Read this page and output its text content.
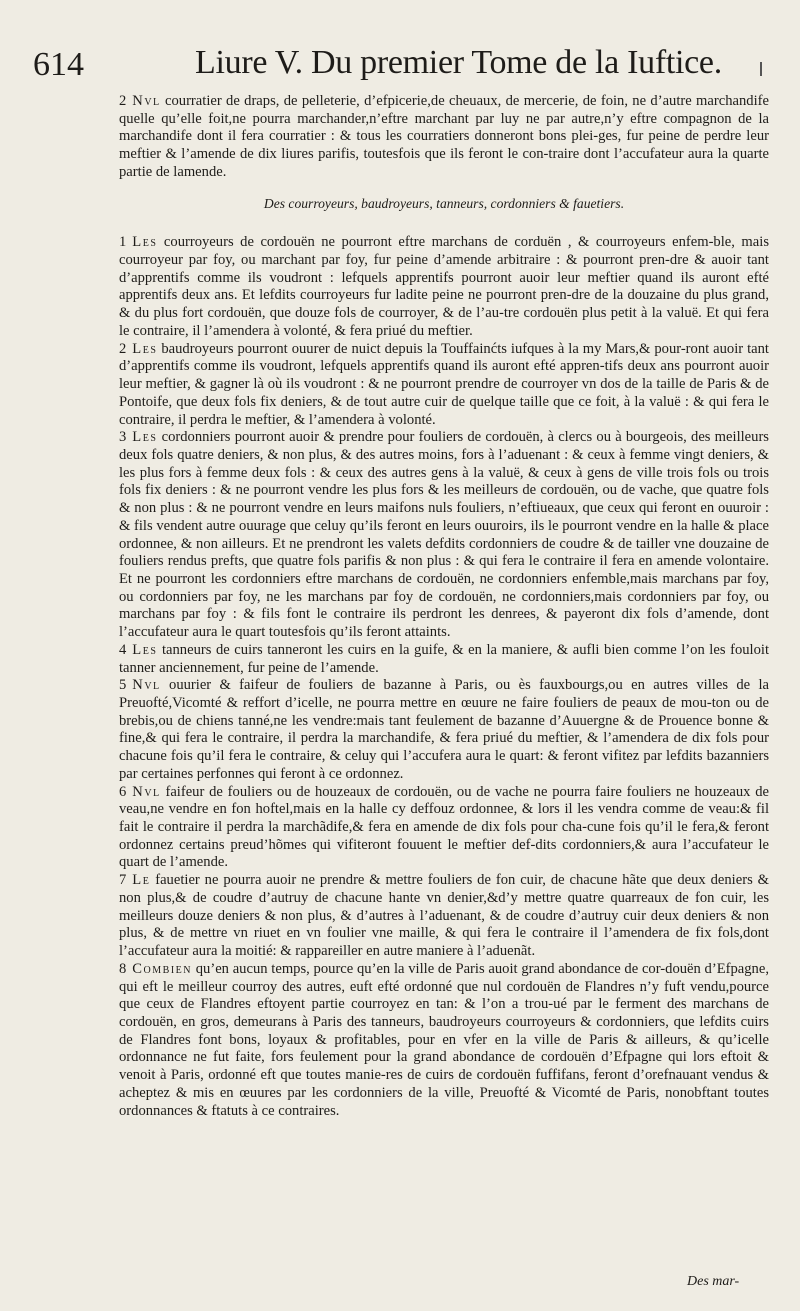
614	Liure V. Du premier Tome de la Iuftice.

2 Nvl courratier de draps, de pelleterie, d’efpicerie,de cheuaux, de mercerie, de foin, ne d’autre marchandife quelle qu’elle foit,ne pourra marchander,n’eftre marchant par luy ne par autre,n’y eftre compagnon de la marchandife dont il fera courratier : & tous les courratiers donneront bons plei-ges, fur peine de perdre leur meftier & l’amende de dix liures parifis, toutesfois que ils feront le con-traire dont l’accufateur aura la quarte partie de lamende.

Des courroyeurs, baudroyeurs, tanneurs, cordonniers & fauetiers.

1 Les courroyeurs de cordouën ne pourront eftre marchans de corduën , & courroyeurs enfem-ble, mais courroyeur par foy, ou marchant par foy, fur peine d’amende arbitraire : & pourront pren-dre & auoir tant d’apprentifs comme ils voudront : lefquels apprentifs pourront auoir leur meftier quand ils auront efté apprentifs deux ans. Et lefdits courroyeurs fur ladite peine ne pourront pren-dre de la douzaine du plus grand, & du plus fort cordouën, que douze fols de courroyer, & de l’au-tre cordouën plus petit à la valuë. Et qui fera le contraire, il l’amendera à volonté, & fera priué du meftier.

2 Les baudroyeurs pourront ouurer de nuict depuis la Touffainćts iufques à la my Mars,& pour-ront auoir tant d’apprentifs comme ils voudront, lefquels apprentifs quand ils auront efté appren-tifs deux ans pourront auoir leur meftier, & gagner là où ils voudront : & ne pourront prendre de courroyer vn dos de la taille de Paris & de Pontoife, que deux fols fix deniers, & de tout autre cuir de quelque taille que ce foit, à la valuë : & qui fera le contraire, il perdra le meftier, & l’amendera à volonté.

3 Les cordonniers pourront auoir & prendre pour fouliers de cordouën, à clercs ou à bourgeois, des meilleurs deux fols quatre deniers, & non plus, & des autres moins, fors à l’aduenant : & ceux à femme vingt deniers, & les plus fors à femme deux fols : & ceux des autres gens à la valuë, & ceux à gens de ville trois fols ou trois fols fix deniers : & ne pourront vendre les plus fors & les meilleurs de cordouën, ou de vache, que quatre fols & non plus : & ne pourront vendre en leurs maifons nuls fouliers, n’eftiueaux, que ceux qui feront en ouuroir : & fils vendent autre ouurage que celuy qu’ils feront en leurs ouuroirs, ils le pourront vendre en la halle & place ordonnee, & non ailleurs. Et ne prendront les valets defdits cordonniers de coudre & de tailler vne douzaine de fouliers rendus prefts, que quatre fols parifis & non plus : & qui fera le contraire il fera en amende volontaire. Et ne pourront les cordonniers eftre marchans de cordouën, ne cordonniers enfemble,mais marchans par foy, ou cordonniers par foy, ne les marchans par foy de cordouën, ne cordonniers,mais cordonniers par foy, ou marchans par foy : & fils font le contraire ils perdront les denrees, & payeront dix fols d’amende, dont l’accufateur aura le quart toutesfois qu’ils feront attaints.

4 Les tanneurs de cuirs tanneront les cuirs en la guife, & en la maniere, & aufli bien comme l’on les fouloit tanner anciennement, fur peine de l’amende.

5 Nvl ouurier & faifeur de fouliers de bazanne à Paris, ou ès fauxbourgs,ou en autres villes de la Preuofté,Vicomté & reffort d’icelle, ne pourra mettre en œuure ne faire fouliers de peaux de mou-ton ou de brebis,ou de chiens tanné,ne les vendre:mais tant feulement de bazanne d’Auuergne & de Prouence bonne & fine,& qui fera le contraire, il perdra la marchandife, & fera priué du meftier, & l’amendera de dix fols pour chacune fois qu’il fera le contraire, & celuy qui l’accufera aura le quart: & feront vifitez par lefdits bazanniers par certaines perfonnes qui feront à ce ordonnez.

6 Nvl faifeur de fouliers ou de houzeaux de cordouën, ou de vache ne pourra faire fouliers ne houzeaux de veau,ne vendre en fon hoftel,mais en la halle cy deffouz ordonnee, & lors il les vendra comme de veau:& fil fait le contraire il perdra la marchãdife,& fera en amende de dix fols pour cha-cune fois qu’il le fera,& feront ordonnez certains preud’hõmes qui vifiteront fouuent le meftier def-dits cordonniers,& aura l’accufateur le quart de l’amende.

7 Le fauetier ne pourra auoir ne prendre & mettre fouliers de fon cuir, de chacune hãte que deux deniers & non plus,& de coudre d’autruy de chacune hante vn denier,&d’y mettre quatre quarreaux de fon cuir, les meilleurs douze deniers & non plus, & d’autres à l’aduenant, & de coudre d’autruy cuir deux deniers & non plus, & de mettre vn riuet en vn foulier vne maille, & qui fera le contraire il l’amendera de fix fols,dont l’accufateur aura la moitié: & rappareiller en autre maniere à l’aduenãt.

8 Combien qu’en aucun temps, pource qu’en la ville de Paris auoit grand abondance de cor-douën d’Efpagne, qui eft le meilleur courroy des autres, euft efté ordonné que nul cordouën de Flandres n’y fuft vendu,pource que ceux de Flandres eftoyent partie courroyez en tan: & l’on a trou-ué par le ferment des marchans de cordouën, en gros, demeurans à Paris des tanneurs, baudroyeurs courroyeurs & cordonniers, que lefdits cuirs de Flandres font bons, loyaux & profitables, pour en vfer en la ville de Paris & ailleurs, & qu’icelle ordonnance ne fut faite, fors feulement pour la grand abondance de cordouën d’Efpagne qui lors eftoit & venoit à Paris, ordonné eft que toutes manie-res de cuirs de cordouën fuffifans, feront d’orefnauant vendus & acheptez & mis en œuures par les cordonniers de la ville, Preuofté & Vicomté de Paris, nonobftant toutes ordonnances & ftatuts à ce contraires.

Des mar-
